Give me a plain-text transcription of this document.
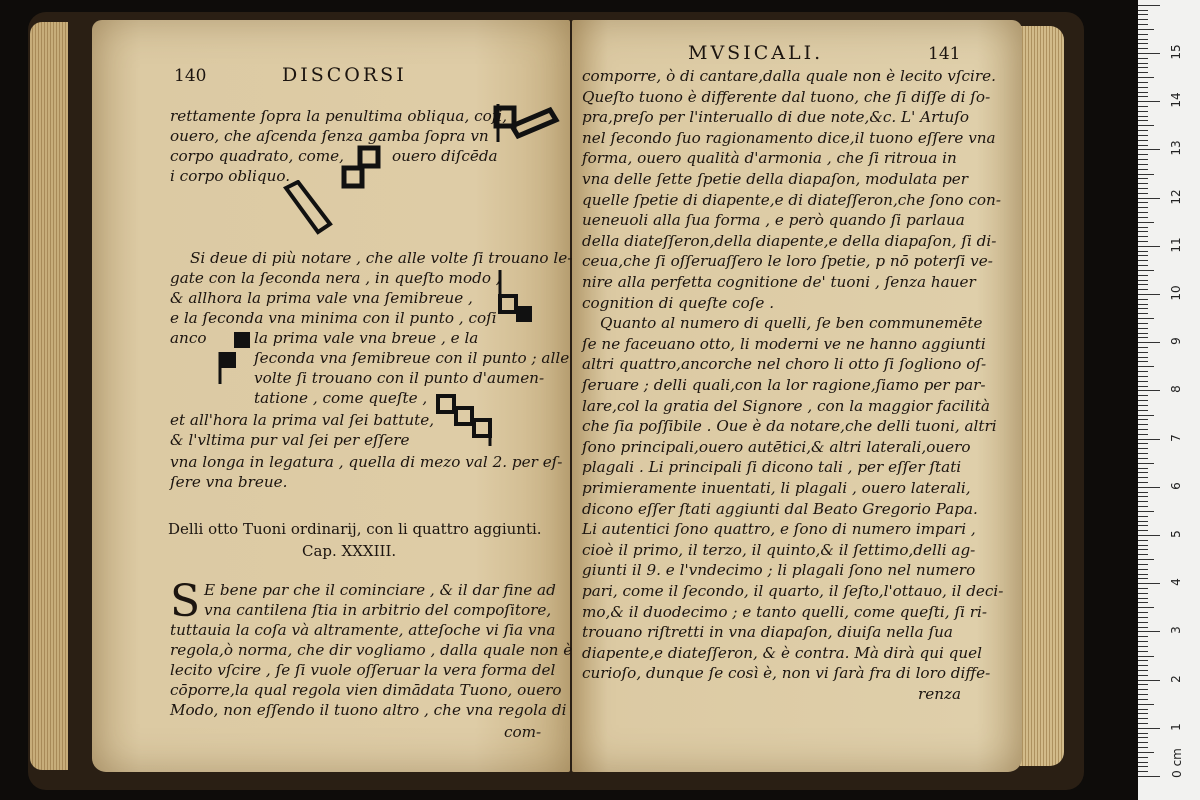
140	DISCORSI
rettamente ſopra la penultima obliqua, coſi,
ouero, che aſcenda ſenza gamba ſopra vn
corpo quadrato, come,
i corpo obliquo.
ouero diſcēda
Si deue di più notare , che alle volte ſi trouano le-
gate con la ſeconda nera , in queſto modo ,
& allhora la prima vale vna ſemibreue ,
e la ſeconda vna minima con il punto , coſi
anco	la prima vale vna breue , e la
ſeconda vna ſemibreue con il punto ; alle
volte ſi trouano con il punto d'aumen-
tatione , come queſte ,
et all'hora la prima val ſei battute,
& l'vltima pur val ſei per eſſere
vna longa in legatura , quella di mezo val 2. per eſ-
ſere vna breue.
Delli otto Tuoni ordinarij, con li quattro aggiunti.
Cap. XXXIII.
S E bene par che il cominciare , & il dar fine ad
vna cantilena ſtia in arbitrio del compoſitore,
tuttauia la coſa và altramente, atteſoche vi ſia vna
regola,ò norma, che dir vogliamo , dalla quale non è
lecito vſcire , ſe ſi vuole oſſeruar la vera forma del
cōporre,la qual regola vien dimādata Tuono, ouero
Modo, non eſſendo il tuono altro , che vna regola di
com-
MVSICALI.	141
comporre, ò di cantare,dalla quale non è lecito vſcire.
Queſto tuono è differente dal tuono, che ſi diſſe di ſo-
pra,preſo per l'interuallo di due note,&c. L' Artuſo
nel ſecondo ſuo ragionamento dice,il tuono eſſere vna
forma, ouero qualità d'armonia , che ſi ritroua in
vna delle ſette ſpetie della diapaſon, modulata per
quelle ſpetie di diapente,e di diateſſeron,che ſono con-
ueneuoli alla ſua forma , e però quando ſi parlaua
della diateſſeron,della diapente,e della diapaſon, ſi di-
ceua,che ſi oſſeruaſſero le loro ſpetie, p nō poterſi ve-
nire alla perfetta cognitione de' tuoni , ſenza hauer
cognition di queſte coſe .
Quanto al numero di quelli, ſe ben communemēte
ſe ne faceuano otto, li moderni ve ne hanno aggiunti
altri quattro,ancorche nel choro li otto ſi ſogliono oſ-
ſeruare ; delli quali,con la lor ragione,ſiamo per par-
lare,col la gratia del Signore , con la maggior facilità
che ſia poſſibile . Oue è da notare,che delli tuoni, altri
ſono principali,ouero autētici,& altri laterali,ouero
plagali . Li principali ſi dicono tali , per eſſer ſtati
primieramente inuentati, li plagali , ouero laterali,
dicono eſſer ſtati aggiunti dal Beato Gregorio Papa.
Li autentici ſono quattro, e ſono di numero impari ,
cioè il primo, il terzo, il quinto,& il ſettimo,delli ag-
giunti il 9. e l'vndecimo ; li plagali ſono nel numero
pari, come il ſecondo, il quarto, il ſeſto,l'ottauo, il deci-
mo,& il duodecimo ; e tanto quelli, come queſti, ſi ri-
trouano riſtretti in vna diapaſon, diuiſa nella ſua
diapente,e diateſſeron, & è contra. Mà dirà qui quel
curioſo, dunque ſe così è, non vi ſarà fra di loro diffe-
renza
0 cm
1
2
3
4
5
6
7
8
9
10
11
12
13
14
15
